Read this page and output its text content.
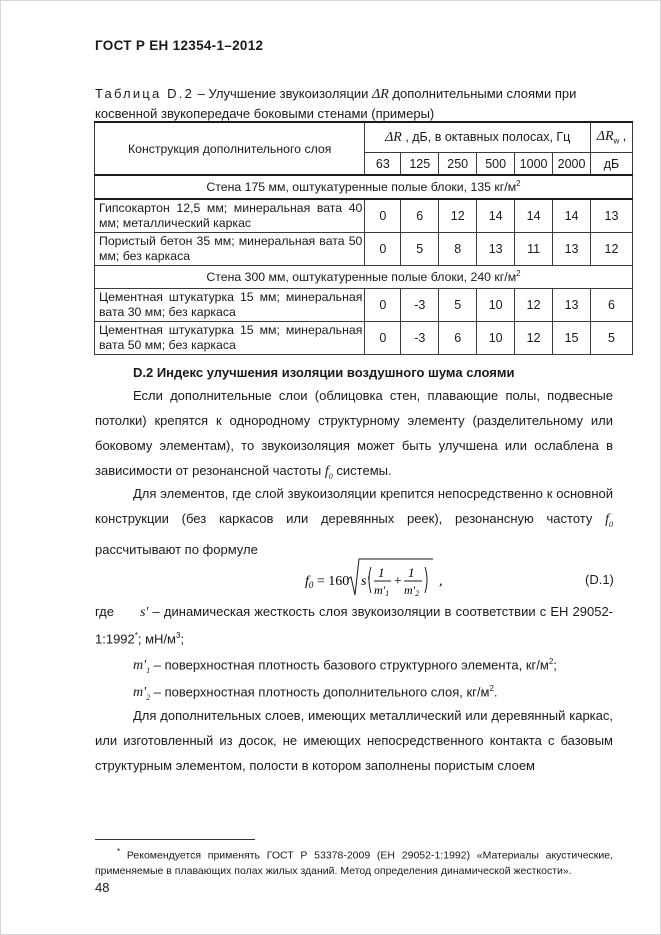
ГОСТ Р ЕН 12354-1–2012
Таблица D.2 – Улучшение звукоизоляции ΔR дополнительными слоями при
косвенной звукопередаче боковыми стенами (примеры)
Конструкция дополнительного слоя	ΔR , дБ, в октавных полосах, Гц						$\Delta R_w$ ,
	63	125	250	500	1000	2000	дБ
Стена 175 мм, оштукатуренные полые блоки, 135 $кг/м^2$
Гипсокартон 12,5 мм; минеральная вата 40 мм; металлический каркас	0	6	12	14	14	14	13
Пористый бетон 35 мм; минеральная вата 50 мм; без каркаса	0	5	8	13	11	13	12
Стена 300 мм, оштукатуренные полые блоки, 240 $кг/м^2$
Цементная штукатурка 15 мм; минеральная вата 30 мм; без каркаса	0	-3	5	10	12	13	6
Цементная штукатурка 15 мм; минеральная вата 50 мм; без каркаса	0	-3	6	10	12	15	5
D.2 Индекс улучшения изоляции воздушного шума слоями
Если дополнительные слои (облицовка стен, плавающие полы, подвесные потолки) крепятся к однородному структурному элементу (разделительному или боковому элементам), то звукоизоляция может быть улучшена или ослаблена в зависимости от резонансной частоты $f_0$ системы.
Для элементов, где слой звукоизоляции крепится непосредственно к основной конструкции (без каркасов или деревянных реек), резонансную частоту $f_0$ рассчитывают по формуле
$f_0 = 160$ s'
1
m'1
+
1
m'2
,	(D.1)
где s' – динамическая жесткость слоя звукоизоляции в соответствии с ЕН 29052-1:1992*; $мН/м^3$;
$m'_1$ – поверхностная плотность базового структурного элемента, $кг/м^2$;
$m'_2$ – поверхностная плотность дополнительного слоя, $кг/м^2$.
Для дополнительных слоев, имеющих металлический или деревянный каркас, или изготовленный из досок, не имеющих непосредственного контакта с базовым структурным элементом, полости в котором заполнены пористым слоем
* Рекомендуется применять ГОСТ Р 53378-2009 (ЕН 29052-1:1992) «Материалы акустические, применяемые в плавающих полах жилых зданий. Метод определения динамической жесткости».
48
